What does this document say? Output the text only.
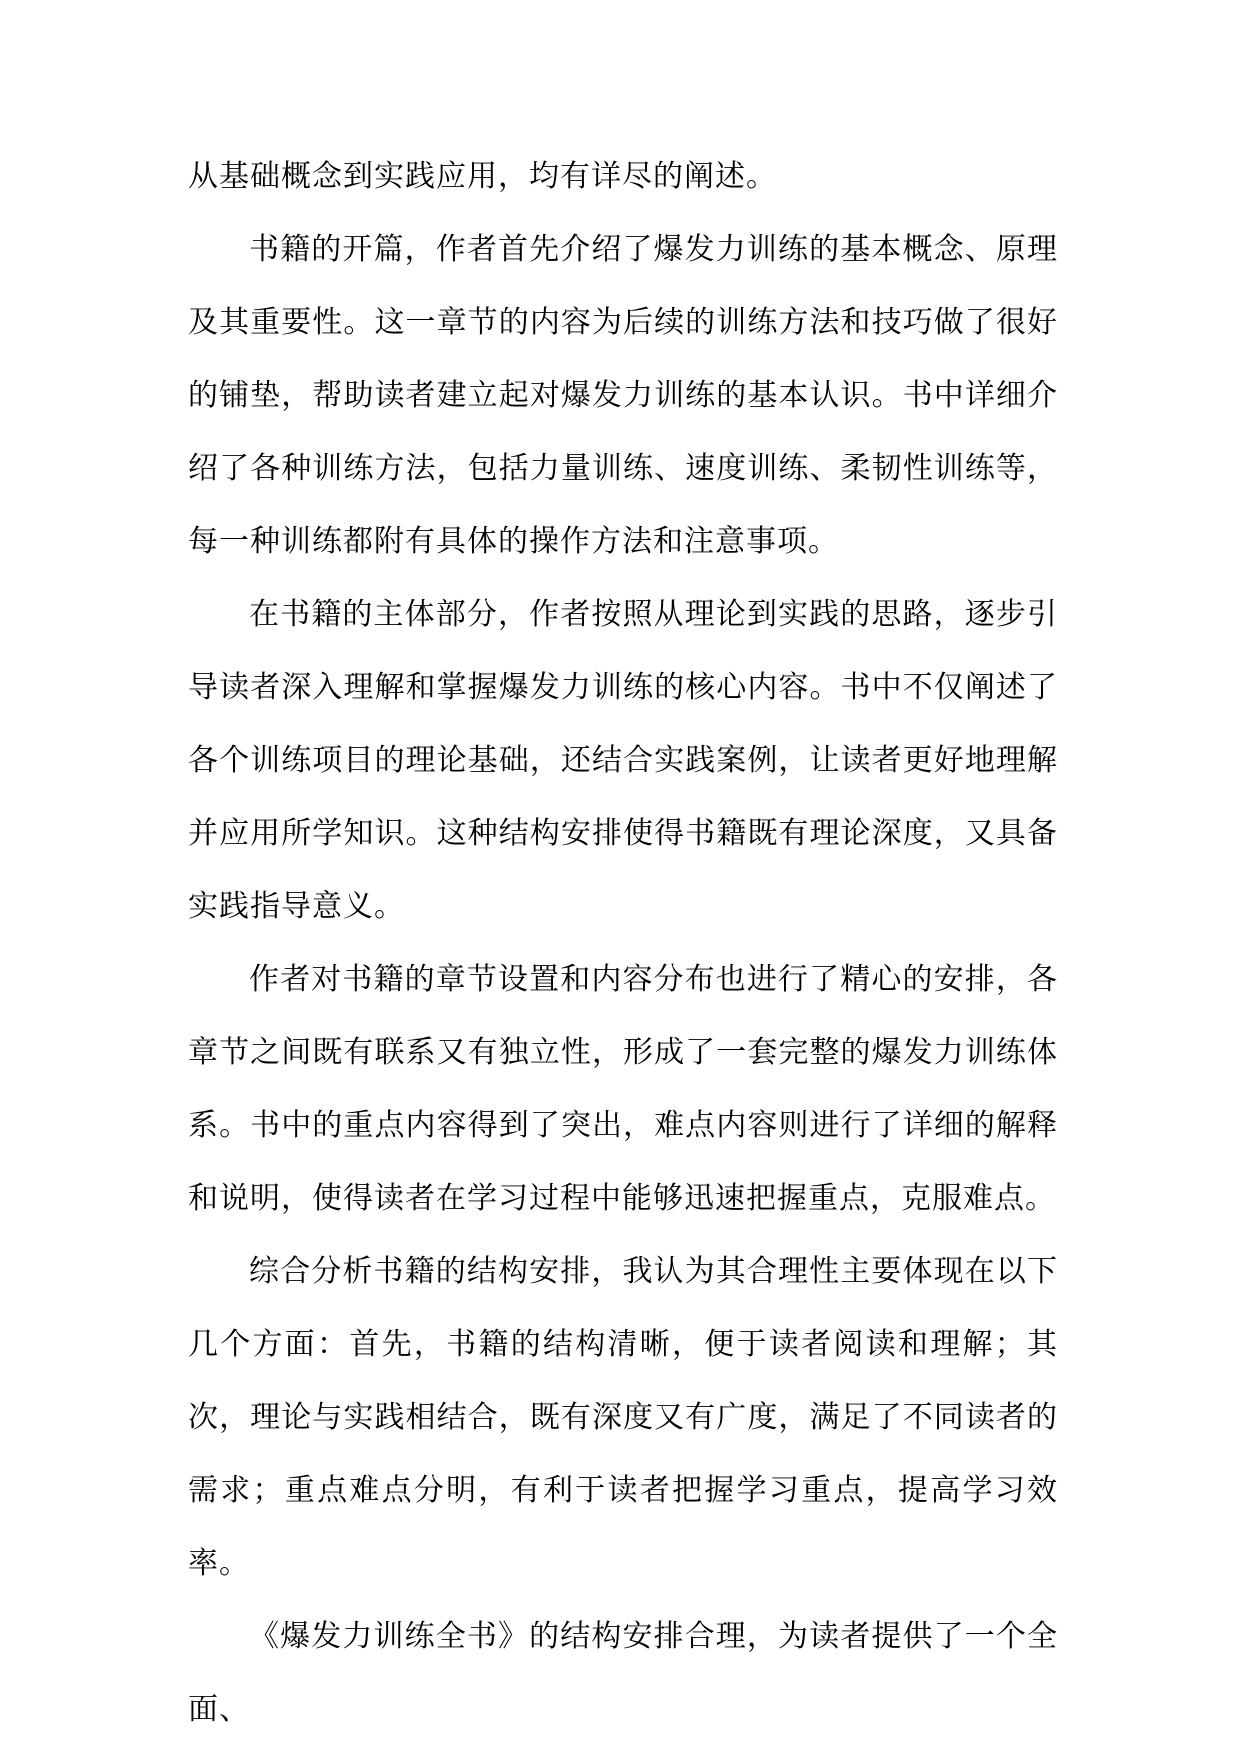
从基础概念到实践应用，均有详尽的阐述。

书籍的开篇，作者首先介绍了爆发力训练的基本概念、原理及其重要性。这一章节的内容为后续的训练方法和技巧做了很好的铺垫，帮助读者建立起对爆发力训练的基本认识。书中详细介绍了各种训练方法，包括力量训练、速度训练、柔韧性训练等，每一种训练都附有具体的操作方法和注意事项。

在书籍的主体部分，作者按照从理论到实践的思路，逐步引导读者深入理解和掌握爆发力训练的核心内容。书中不仅阐述了各个训练项目的理论基础，还结合实践案例，让读者更好地理解并应用所学知识。这种结构安排使得书籍既有理论深度，又具备实践指导意义。

作者对书籍的章节设置和内容分布也进行了精心的安排，各章节之间既有联系又有独立性，形成了一套完整的爆发力训练体系。书中的重点内容得到了突出，难点内容则进行了详细的解释和说明，使得读者在学习过程中能够迅速把握重点，克服难点。

综合分析书籍的结构安排，我认为其合理性主要体现在以下几个方面：首先，书籍的结构清晰，便于读者阅读和理解；其次，理论与实践相结合，既有深度又有广度，满足了不同读者的需求；重点难点分明，有利于读者把握学习重点，提高学习效率。

《爆发力训练全书》的结构安排合理，为读者提供了一个全面、
